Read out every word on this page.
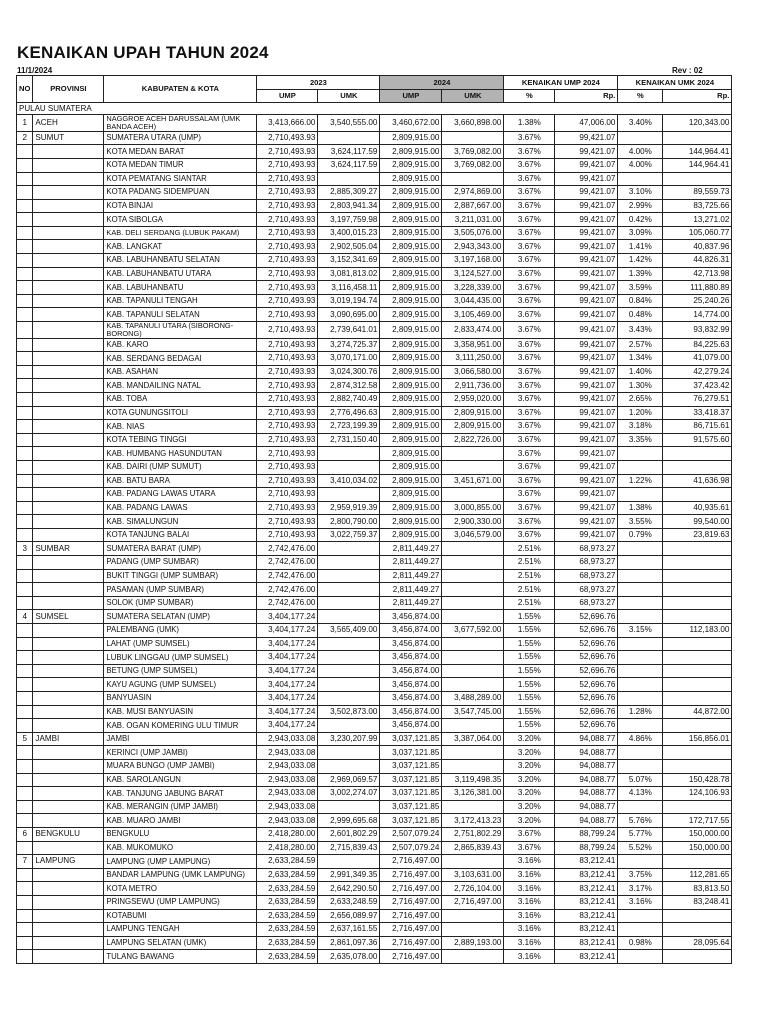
KENAIKAN UPAH TAHUN 2024
11/1/2024	Rev : 02
NO	PROVINSI	KABUPATEN & KOTA	2023		2024		KENAIKAN UMP 2024		KENAIKAN UMK 2024	
			UMP	UMK	UMP	UMK	%	Rp.	%	Rp.
PULAU SUMATERA										
1	ACEH	NAGGROE ACEH DARUSSALAM (UMK BANDA ACEH)	3,413,666.00	3,540,555.00	3,460,672.00	3,660,898.00	1.38%	47,006.00	3.40%	120,343.00
2	SUMUT	SUMATERA UTARA (UMP)	2,710,493.93		2,809,915.00		3.67%	99,421.07		
		KOTA MEDAN BARAT	2,710,493.93	3,624,117.59	2,809,915.00	3,769,082.00	3.67%	99,421.07	4.00%	144,964.41
		KOTA MEDAN TIMUR	2,710,493.93	3,624,117.59	2,809,915.00	3,769,082.00	3.67%	99,421.07	4.00%	144,964.41
		KOTA PEMATANG SIANTAR	2,710,493.93		2,809,915.00		3.67%	99,421.07		
		KOTA PADANG SIDEMPUAN	2,710,493.93	2,885,309.27	2,809,915.00	2,974,869.00	3.67%	99,421.07	3.10%	89,559.73
		KOTA BINJAI	2,710,493.93	2,803,941.34	2,809,915.00	2,887,667.00	3.67%	99,421.07	2.99%	83,725.66
		KOTA SIBOLGA	2,710,493.93	3,197,759.98	2,809,915.00	3,211,031.00	3.67%	99,421.07	0.42%	13,271.02
		KAB. DELI SERDANG (LUBUK PAKAM)	2,710,493.93	3,400,015.23	2,809,915.00	3,505,076.00	3.67%	99,421.07	3.09%	105,060.77
		KAB. LANGKAT	2,710,493.93	2,902,505.04	2,809,915.00	2,943,343.00	3.67%	99,421.07	1.41%	40,837.96
		KAB. LABUHANBATU SELATAN	2,710,493.93	3,152,341.69	2,809,915.00	3,197,168.00	3.67%	99,421.07	1.42%	44,826.31
		KAB. LABUHANBATU UTARA	2,710,493.93	3,081,813.02	2,809,915.00	3,124,527.00	3.67%	99,421.07	1.39%	42,713.98
		KAB. LABUHANBATU	2,710,493.93	3,116,458.11	2,809,915.00	3,228,339.00	3.67%	99,421.07	3.59%	111,880.89
		KAB. TAPANULI TENGAH	2,710,493.93	3,019,194.74	2,809,915.00	3,044,435.00	3.67%	99,421.07	0.84%	25,240.26
		KAB. TAPANULI SELATAN	2,710,493.93	3,090,695.00	2,809,915.00	3,105,469.00	3.67%	99,421.07	0.48%	14,774.00
		KAB. TAPANULI UTARA (SIBORONG-BORONG)	2,710,493.93	2,739,641.01	2,809,915.00	2,833,474.00	3.67%	99,421.07	3.43%	93,832.99
		KAB. KARO	2,710,493.93	3,274,725.37	2,809,915.00	3,358,951.00	3.67%	99,421.07	2.57%	84,225.63
		KAB. SERDANG BEDAGAI	2,710,493.93	3,070,171.00	2,809,915.00	3,111,250.00	3.67%	99,421.07	1.34%	41,079.00
		KAB. ASAHAN	2,710,493.93	3,024,300.76	2,809,915.00	3,066,580.00	3.67%	99,421.07	1.40%	42,279.24
		KAB. MANDAILING NATAL	2,710,493.93	2,874,312.58	2,809,915.00	2,911,736.00	3.67%	99,421.07	1.30%	37,423.42
		KAB. TOBA	2,710,493.93	2,882,740.49	2,809,915.00	2,959,020.00	3.67%	99,421.07	2.65%	76,279.51
		KOTA GUNUNGSITOLI	2,710,493.93	2,776,496.63	2,809,915.00	2,809,915.00	3.67%	99,421.07	1.20%	33,418.37
		KAB. NIAS	2,710,493.93	2,723,199.39	2,809,915.00	2,809,915.00	3.67%	99,421.07	3.18%	86,715.61
		KOTA TEBING TINGGI	2,710,493.93	2,731,150.40	2,809,915.00	2,822,726.00	3.67%	99,421.07	3.35%	91,575.60
		KAB. HUMBANG HASUNDUTAN	2,710,493.93		2,809,915.00		3.67%	99,421.07		
		KAB. DAIRI (UMP SUMUT)	2,710,493.93		2,809,915.00		3.67%	99,421.07		
		KAB. BATU BARA	2,710,493.93	3,410,034.02	2,809,915.00	3,451,671.00	3.67%	99,421.07	1.22%	41,636.98
		KAB. PADANG LAWAS UTARA	2,710,493.93		2,809,915.00		3.67%	99,421.07		
		KAB. PADANG LAWAS	2,710,493.93	2,959,919.39	2,809,915.00	3,000,855.00	3.67%	99,421.07	1.38%	40,935.61
		KAB. SIMALUNGUN	2,710,493.93	2,800,790.00	2,809,915.00	2,900,330.00	3.67%	99,421.07	3.55%	99,540.00
		KOTA TANJUNG BALAI	2,710,493.93	3,022,759.37	2,809,915.00	3,046,579.00	3.67%	99,421.07	0.79%	23,819.63
3	SUMBAR	SUMATERA BARAT (UMP)	2,742,476.00		2,811,449.27		2.51%	68,973.27		
		PADANG (UMP SUMBAR)	2,742,476.00		2,811,449.27		2.51%	68,973.27		
		BUKIT TINGGI (UMP SUMBAR)	2,742,476.00		2,811,449.27		2.51%	68,973.27		
		PASAMAN (UMP SUMBAR)	2,742,476.00		2,811,449.27		2.51%	68,973.27		
		SOLOK (UMP SUMBAR)	2,742,476.00		2,811,449.27		2.51%	68,973.27		
4	SUMSEL	SUMATERA SELATAN (UMP)	3,404,177.24		3,456,874.00		1.55%	52,696.76		
		PALEMBANG (UMK)	3,404,177.24	3,565,409.00	3,456,874.00	3,677,592.00	1.55%	52,696.76	3.15%	112,183.00
		LAHAT (UMP SUMSEL)	3,404,177.24		3,456,874.00		1.55%	52,696.76		
		LUBUK LINGGAU (UMP SUMSEL)	3,404,177.24		3,456,874.00		1.55%	52,696.76		
		BETUNG (UMP SUMSEL)	3,404,177.24		3,456,874.00		1.55%	52,696.76		
		KAYU AGUNG (UMP SUMSEL)	3,404,177.24		3,456,874.00		1.55%	52,696.76		
		BANYUASIN	3,404,177.24		3,456,874.00	3,488,289.00	1.55%	52,696.76		
		KAB. MUSI BANYUASIN	3,404,177.24	3,502,873.00	3,456,874.00	3,547,745.00	1.55%	52,696.76	1.28%	44,872.00
		KAB. OGAN KOMERING ULU TIMUR	3,404,177.24		3,456,874.00		1.55%	52,696.76		
5	JAMBI	JAMBI	2,943,033.08	3,230,207.99	3,037,121.85	3,387,064.00	3.20%	94,088.77	4.86%	156,856.01
		KERINCI (UMP JAMBI)	2,943,033.08		3,037,121.85		3.20%	94,088.77		
		MUARA BUNGO (UMP JAMBI)	2,943,033.08		3,037,121.85		3.20%	94,088.77		
		KAB. SAROLANGUN	2,943,033.08	2,969,069.57	3,037,121.85	3,119,498.35	3.20%	94,088.77	5.07%	150,428.78
		KAB. TANJUNG JABUNG BARAT	2,943,033.08	3,002,274.07	3,037,121.85	3,126,381.00	3.20%	94,088.77	4.13%	124,106.93
		KAB. MERANGIN (UMP JAMBI)	2,943,033.08		3,037,121.85		3.20%	94,088.77		
		KAB. MUARO JAMBI	2,943,033.08	2,999,695.68	3,037,121.85	3,172,413.23	3.20%	94,088.77	5.76%	172,717.55
6	BENGKULU	BENGKULU	2,418,280.00	2,601,802.29	2,507,079.24	2,751,802.29	3.67%	88,799.24	5.77%	150,000.00
		KAB. MUKOMUKO	2,418,280.00	2,715,839.43	2,507,079.24	2,865,839.43	3.67%	88,799.24	5.52%	150,000.00
7	LAMPUNG	LAMPUNG (UMP LAMPUNG)	2,633,284.59		2,716,497.00		3.16%	83,212.41		
		BANDAR LAMPUNG (UMK LAMPUNG)	2,633,284.59	2,991,349.35	2,716,497.00	3,103,631.00	3.16%	83,212.41	3.75%	112,281.65
		KOTA METRO	2,633,284.59	2,642,290.50	2,716,497.00	2,726,104.00	3.16%	83,212.41	3.17%	83,813.50
		PRINGSEWU (UMP LAMPUNG)	2,633,284.59	2,633,248.59	2,716,497.00	2,716,497.00	3.16%	83,212.41	3.16%	83,248.41
		KOTABUMI	2,633,284.59	2,656,089.97	2,716,497.00		3.16%	83,212.41		
		LAMPUNG TENGAH	2,633,284.59	2,637,161.55	2,716,497.00		3.16%	83,212.41		
		LAMPUNG SELATAN (UMK)	2,633,284.59	2,861,097.36	2,716,497.00	2,889,193.00	3.16%	83,212.41	0.98%	28,095.64
		TULANG BAWANG	2,633,284.59	2,635,078.00	2,716,497.00		3.16%	83,212.41		
